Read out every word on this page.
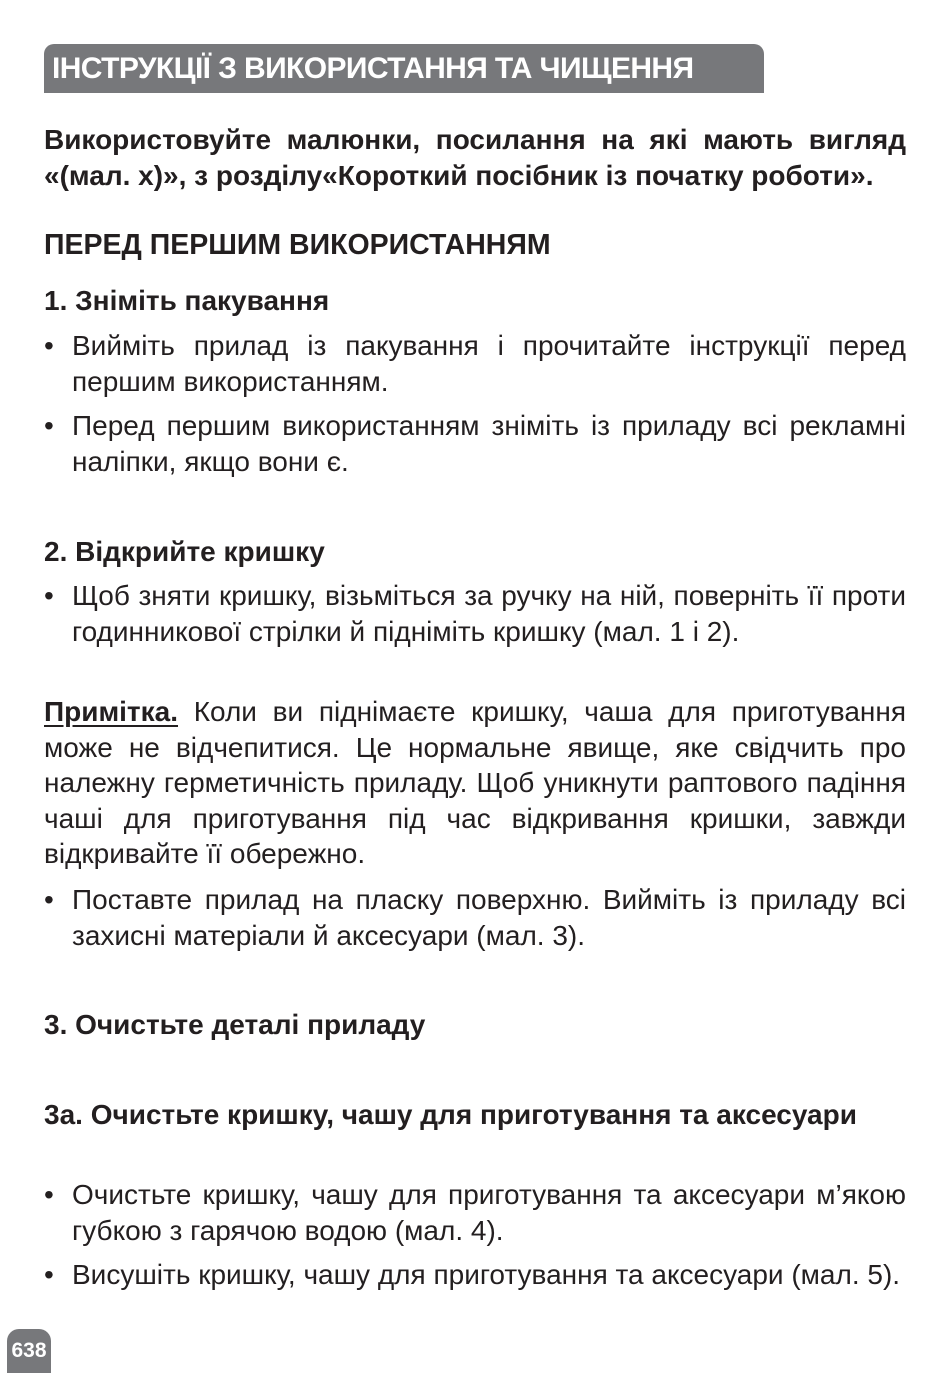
ІНСТРУКЦІЇ З ВИКОРИСТАННЯ ТА ЧИЩЕННЯ
Використовуйте малюнки, посилання на які мають вигляд «(мал. x)», з розділу«Короткий посібник із початку роботи».
ПЕРЕД ПЕРШИМ ВИКОРИСТАННЯМ
1. Зніміть пакування
• Вийміть прилад із пакування і прочитайте інструкції перед першим використанням.
• Перед першим використанням зніміть із приладу всі рекламні наліпки, якщо вони є.
2. Відкрийте кришку
• Щоб зняти кришку, візьміться за ручку на ній, поверніть її проти годинникової стрілки й підніміть кришку (мал. 1 і 2).
Примітка. Коли ви піднімаєте кришку, чаша для приготування може не відчепитися. Це нормальне явище, яке свідчить про належну герметичність приладу. Щоб уникнути раптового падіння чаші для приготування під час відкривання кришки, завжди відкривайте її обережно.
• Поставте прилад на пласку поверхню. Вийміть із приладу всі захисні матеріали й аксесуари (мал. 3).
3. Очистьте деталі приладу
3a. Очистьте кришку, чашу для приготування та аксесуари
• Очистьте кришку, чашу для приготування та аксесуари м’якою губкою з гарячою водою (мал. 4).
• Висушіть кришку, чашу для приготування та аксесуари (мал. 5).
638
